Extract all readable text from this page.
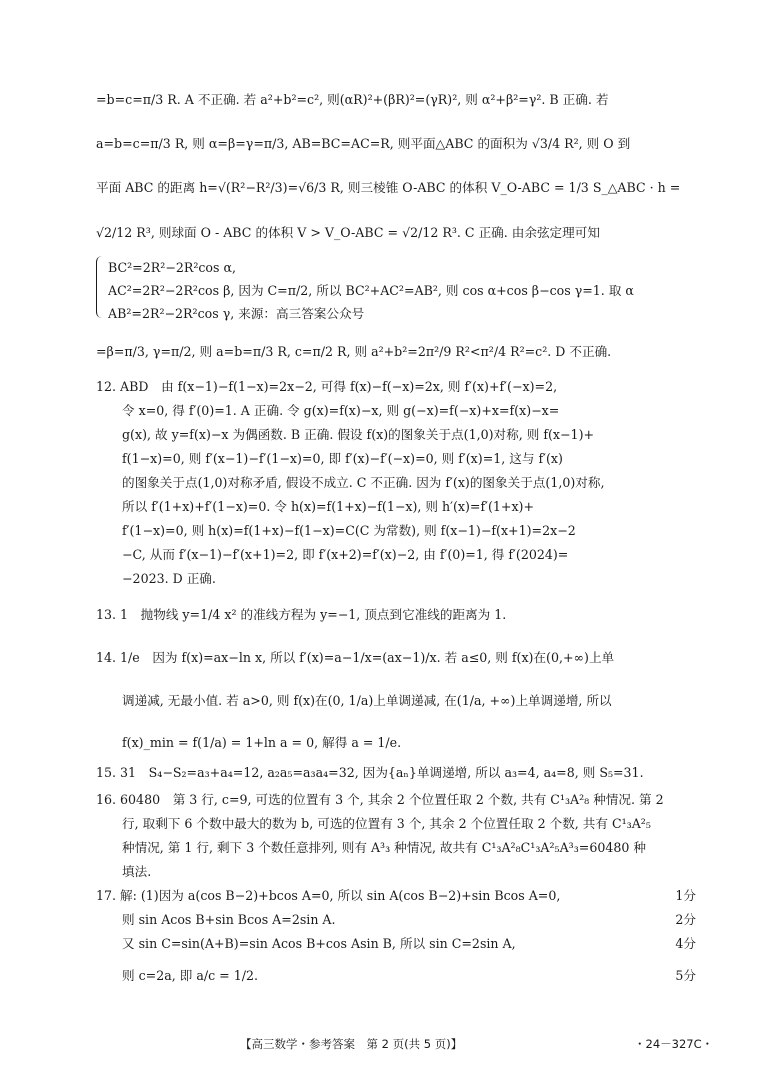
=b=c=π/3 R. A 不正确. 若 a²+b²=c², 则(αR)²+(βR)²=(γR)², 则 α²+β²=γ². B 正确. 若
a=b=c=π/3 R, 则 α=β=γ=π/3, AB=BC=AC=R, 则平面△ABC 的面积为 √3/4 R², 则 O 到
平面 ABC 的距离 h=√(R²−R²/3)=√6/3 R, 则三棱锥 O-ABC 的体积 V_O-ABC = 1/3 S_△ABC · h =
√2/12 R³, 则球面 O - ABC 的体积 V > V_O-ABC = √2/12 R³. C 正确. 由余弦定理可知
BC²=2R²−2R²cos α,
AC²=2R²−2R²cos β, 因为 C=π/2, 所以 BC²+AC²=AB², 则 cos α+cos β−cos γ=1. 取 α
AB²=2R²−2R²cos γ, 来源：高三答案公众号
=β=π/3, γ=π/2, 则 a=b=π/3 R, c=π/2 R, 则 a²+b²=2π²/9 R²<π²/4 R²=c². D 不正确.
12. ABD　由 f(x−1)−f(1−x)=2x−2, 可得 f(x)−f(−x)=2x, 则 f′(x)+f′(−x)=2,
令 x=0, 得 f′(0)=1. A 正确. 令 g(x)=f(x)−x, 则 g(−x)=f(−x)+x=f(x)−x=
g(x), 故 y=f(x)−x 为偶函数. B 正确. 假设 f(x)的图象关于点(1,0)对称, 则 f(x−1)+
f(1−x)=0, 则 f′(x−1)−f′(1−x)=0, 即 f′(x)−f′(−x)=0, 则 f′(x)=1, 这与 f′(x)
的图象关于点(1,0)对称矛盾, 假设不成立. C 不正确. 因为 f′(x)的图象关于点(1,0)对称,
所以 f′(1+x)+f′(1−x)=0. 令 h(x)=f(1+x)−f(1−x), 则 h′(x)=f′(1+x)+
f′(1−x)=0, 则 h(x)=f(1+x)−f(1−x)=C(C 为常数), 则 f(x−1)−f(x+1)=2x−2
−C, 从而 f′(x−1)−f′(x+1)=2, 即 f′(x+2)=f′(x)−2, 由 f′(0)=1, 得 f′(2024)=
−2023. D 正确.
13. 1　抛物线 y=1/4 x² 的准线方程为 y=−1, 顶点到它准线的距离为 1.
14. 1/e　因为 f(x)=ax−ln x, 所以 f′(x)=a−1/x=(ax−1)/x. 若 a≤0, 则 f(x)在(0,+∞)上单
调递减, 无最小值. 若 a>0, 则 f(x)在(0, 1/a)上单调递减, 在(1/a, +∞)上单调递增, 所以
f(x)_min = f(1/a) = 1+ln a = 0, 解得 a = 1/e.
15. 31　S₄−S₂=a₃+a₄=12, a₂a₅=a₃a₄=32, 因为{aₙ}单调递增, 所以 a₃=4, a₄=8, 则 S₅=31.
16. 60480　第 3 行, c=9, 可选的位置有 3 个, 其余 2 个位置任取 2 个数, 共有 C¹₃A²₈ 种情况. 第 2
行, 取剩下 6 个数中最大的数为 b, 可选的位置有 3 个, 其余 2 个位置任取 2 个数, 共有 C¹₃A²₅
种情况, 第 1 行, 剩下 3 个数任意排列, 则有 A³₃ 种情况, 故共有 C¹₃A²₈C¹₃A²₅A³₃=60480 种
填法.
17. 解: (1)因为 a(cos B−2)+bcos A=0, 所以 sin A(cos B−2)+sin Bcos A=0,	1分
则 sin Acos B+sin Bcos A=2sin A.	2分
又 sin C=sin(A+B)=sin Acos B+cos Asin B, 所以 sin C=2sin A,	4分
则 c=2a, 即 a/c = 1/2.	5分
【高三数学・参考答案　第 2 页(共 5 页)】	・24－327C・
